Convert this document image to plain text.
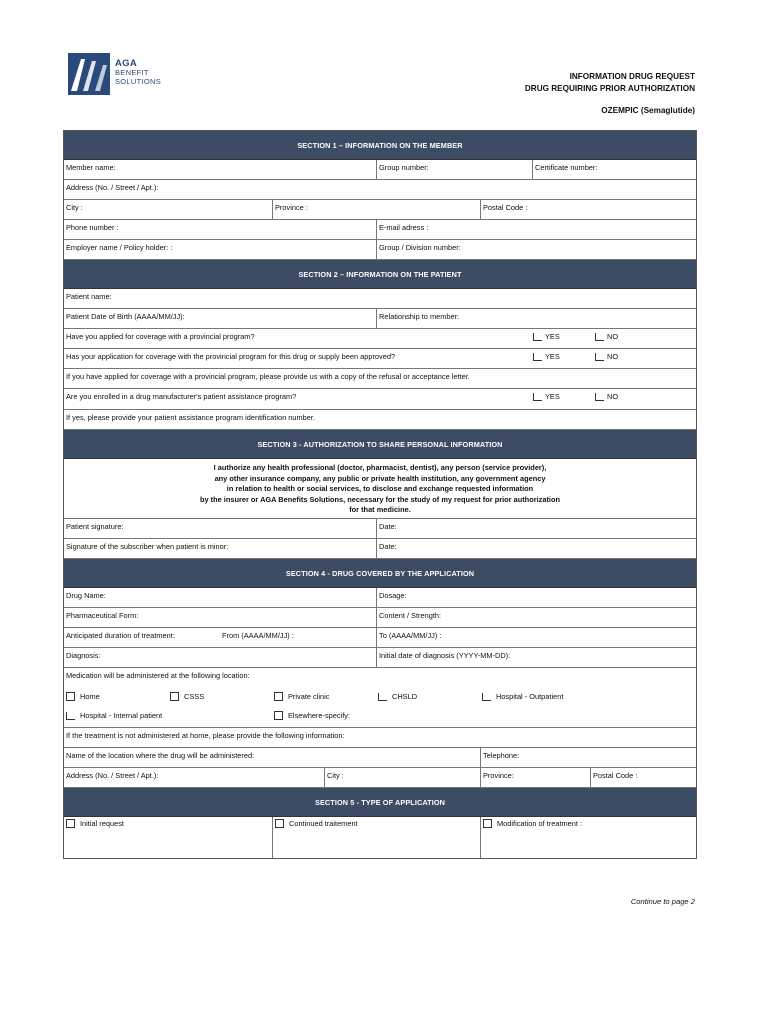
AGA
BENEFIT
SOLUTIONS	INFORMATION DRUG REQUEST
DRUG REQUIRING PRIOR AUTHORIZATION
OZEMPIC (Semaglutide)
SECTION 1 – INFORMATION ON THE MEMBER
Member name:	Group number:	Certificate number:
Address (No. / Street / Apt.):
City :	Province :	Postal Code :
Phone number :	E-mail adress :
Employer name / Policy holder: :	Group / Division number:
SECTION 2 – INFORMATION ON THE PATIENT
Patient name:
Patient Date of Birth (AAAA/MM/JJ):	Relationship to member:
Have you applied for coverage with a provincial program?	YES	NO
Has your application for coverage with the provincial program for this drug or supply been approved?	YES	NO
If you have applied for coverage with a provincial program, please provide us with a copy of the refusal or acceptance letter.
Are you enrolled in a drug manufacturer's patient assistance program?	YES	NO
If yes, please provide your patient assistance program identification number.
SECTION 3 - AUTHORIZATION TO SHARE PERSONAL INFORMATION
I authorize any health professional (doctor, pharmacist, dentist), any person (service provider),
any other insurance company, any public or private health institution, any government agency
in relation to health or social services, to disclose and exchange requested information
by the insurer or AGA Benefits Solutions, necessary for the study of my request for prior authorization
for that medicine.
Patient signature:	Date:
Signature of the subscriber when patient is minor:	Date:
SECTION 4 - DRUG COVERED BY THE APPLICATION
Drug Name:	Dosage:
Pharmaceutical Form:	Content / Strength:
Anticipated duration of treatment:	From (AAAA/MM/JJ) :	To (AAAA/MM/JJ) :
Diagnosis:	Initial date of diagnosis (YYYY-MM-DD):
Medication will be administered at the following location:
Home	CSSS	Private clinic	CHSLD	Hospital - Outpatient
Hospital - Internal patient	Elsewhere-specify:
If the treatment is not administered at home, please provide the following information:
Name of the location where the drug will be administered:	Telephone:
Address (No. / Street / Apt.):	City :	Province:	Postal Code :
SECTION 5 - TYPE OF APPLICATION
Initial request	Continued traitement	Modification of treatment :
Continue to page 2
